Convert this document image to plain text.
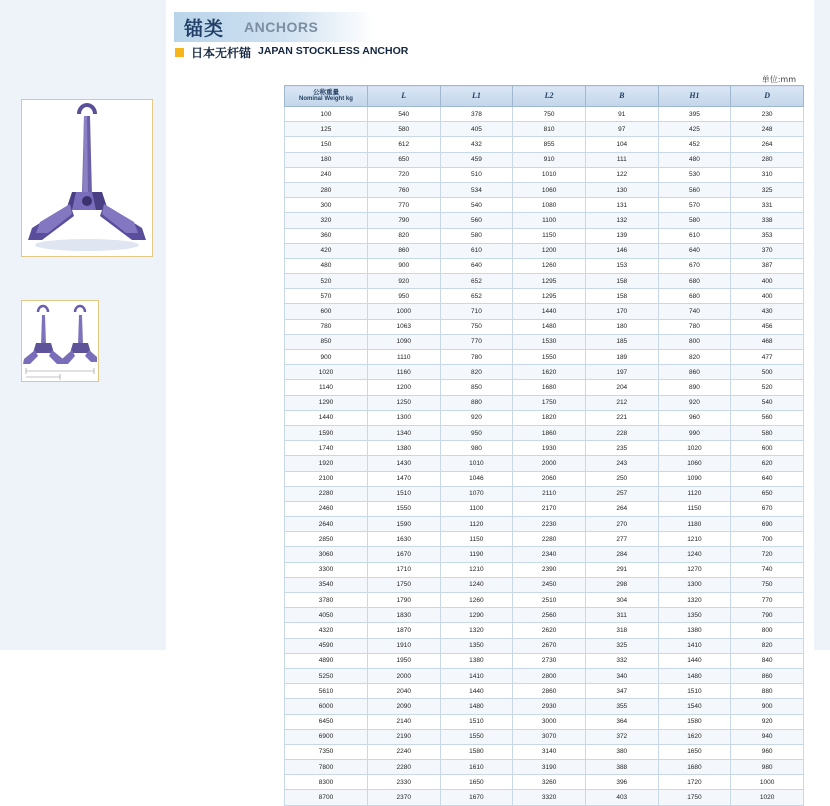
锚类 ANCHORS
日本无杆锚 JAPAN STOCKLESS ANCHOR
单位:mm
公称重量
Nominal Weight kg	L	L1	L2	B	H1	D
100	540	378	750	91	395	230
125	580	405	810	97	425	248
150	612	432	855	104	452	264
180	650	459	910	111	480	280
240	720	510	1010	122	530	310
280	760	534	1060	130	560	325
300	770	540	1080	131	570	331
320	790	560	1100	132	580	338
360	820	580	1150	139	610	353
420	860	610	1200	146	640	370
480	900	640	1260	153	670	387
520	920	652	1295	158	680	400
570	950	652	1295	158	680	400
600	1000	710	1440	170	740	430
780	1063	750	1480	180	780	456
850	1090	770	1530	185	800	468
900	1110	780	1550	189	820	477
1020	1160	820	1620	197	860	500
1140	1200	850	1680	204	890	520
1290	1250	880	1750	212	920	540
1440	1300	920	1820	221	960	560
1590	1340	950	1860	228	990	580
1740	1380	980	1930	235	1020	600
1920	1430	1010	2000	243	1060	620
2100	1470	1046	2060	250	1090	640
2280	1510	1070	2110	257	1120	650
2460	1550	1100	2170	264	1150	670
2640	1590	1120	2230	270	1180	690
2850	1630	1150	2280	277	1210	700
3060	1670	1190	2340	284	1240	720
3300	1710	1210	2390	291	1270	740
3540	1750	1240	2450	298	1300	750
3780	1790	1260	2510	304	1320	770
4050	1830	1290	2560	311	1350	790
4320	1870	1320	2620	318	1380	800
4590	1910	1350	2670	325	1410	820
4890	1950	1380	2730	332	1440	840
5250	2000	1410	2800	340	1480	860
5610	2040	1440	2860	347	1510	880
6000	2090	1480	2930	355	1540	900
6450	2140	1510	3000	364	1580	920
6900	2190	1550	3070	372	1620	940
7350	2240	1580	3140	380	1650	960
7800	2280	1610	3190	388	1680	980
8300	2330	1650	3260	396	1720	1000
8700	2370	1670	3320	403	1750	1020
